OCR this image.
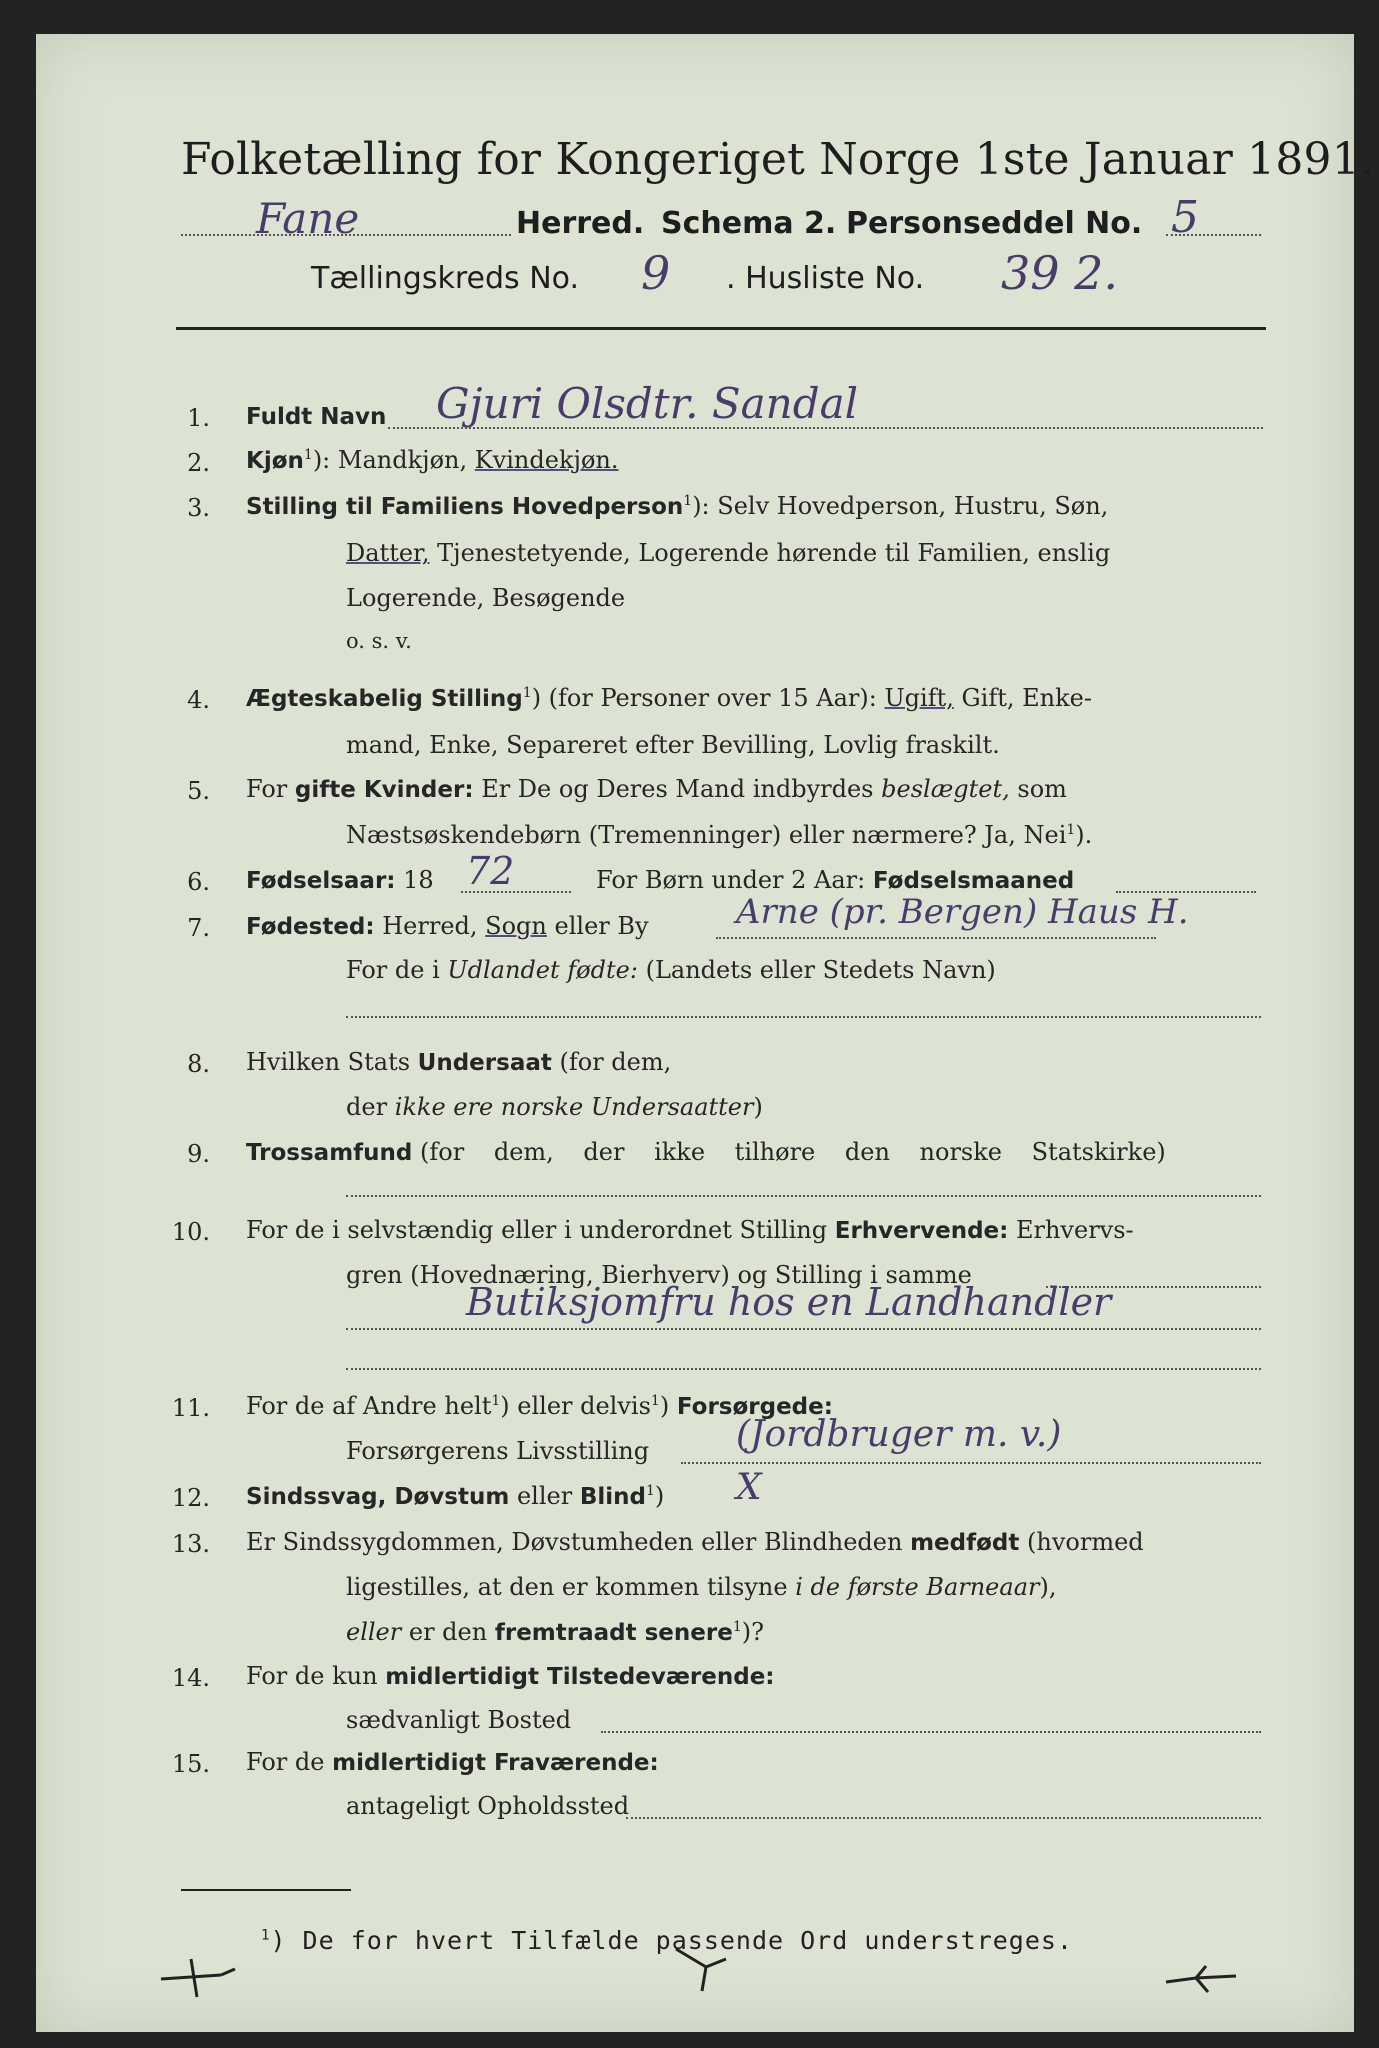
Folketælling for Kongeriget Norge 1ste Januar 1891.
Fane	Herred. Schema 2. Personseddel No. 5
Tællingskreds No. 9 . Husliste No. 39 2.
1. Fuldt Navn Gjuri Olsdtr. Sandal
2. Kjøn$^1$): Mandkjøn, Kvindekjøn.
3. Stilling til Familiens Hovedperson$^1$): Selv Hovedperson, Hustru, Søn,
Datter, Tjenestetyende, Logerende hørende til Familien, enslig
Logerende, Besøgende
o. s. v.
4. Ægteskabelig Stilling$^1$) (for Personer over 15 Aar): Ugift, Gift, Enke-
mand, Enke, Separeret efter Bevilling, Lovlig fraskilt.
5. For gifte Kvinder: Er De og Deres Mand indbyrdes beslægtet, som
Næstsøskendebørn (Tremenninger) eller nærmere? Ja, Nei$^1$).
6. Fødselsaar: 18 72	For Børn under 2 Aar: Fødselsmaaned
7. Fødested: Herred, Sogn eller By	Arne (pr. Bergen) Haus H.
For de i Udlandet fødte: (Landets eller Stedets Navn)
8. Hvilken Stats Undersaat (for dem,
der ikke ere norske Undersaatter)
9. Trossamfund (for dem, der ikke tilhøre den norske Statskirke)
10. For de i selvstændig eller i underordnet Stilling Erhvervende: Erhvervs-
gren (Hovednæring, Bierhverv) og Stilling i samme
Butiksjomfru hos en Landhandler
11. For de af Andre helt$^1$) eller delvis$^1$) Forsørgede:
Forsørgerens Livsstilling (Jordbruger m. v.)
12. Sindssvag, Døvstum eller Blind$^1$) X
13. Er Sindssygdommen, Døvstumheden eller Blindheden medfødt (hvormed
ligestilles, at den er kommen tilsyne i de første Barneaar),
eller er den fremtraadt senere$^1$)?
14. For de kun midlertidigt Tilstedeværende:
sædvanligt Bosted
15. For de midlertidigt Fraværende:
antageligt Opholdssted
$^1$) De for hvert Tilfælde passende Ord understreges.
